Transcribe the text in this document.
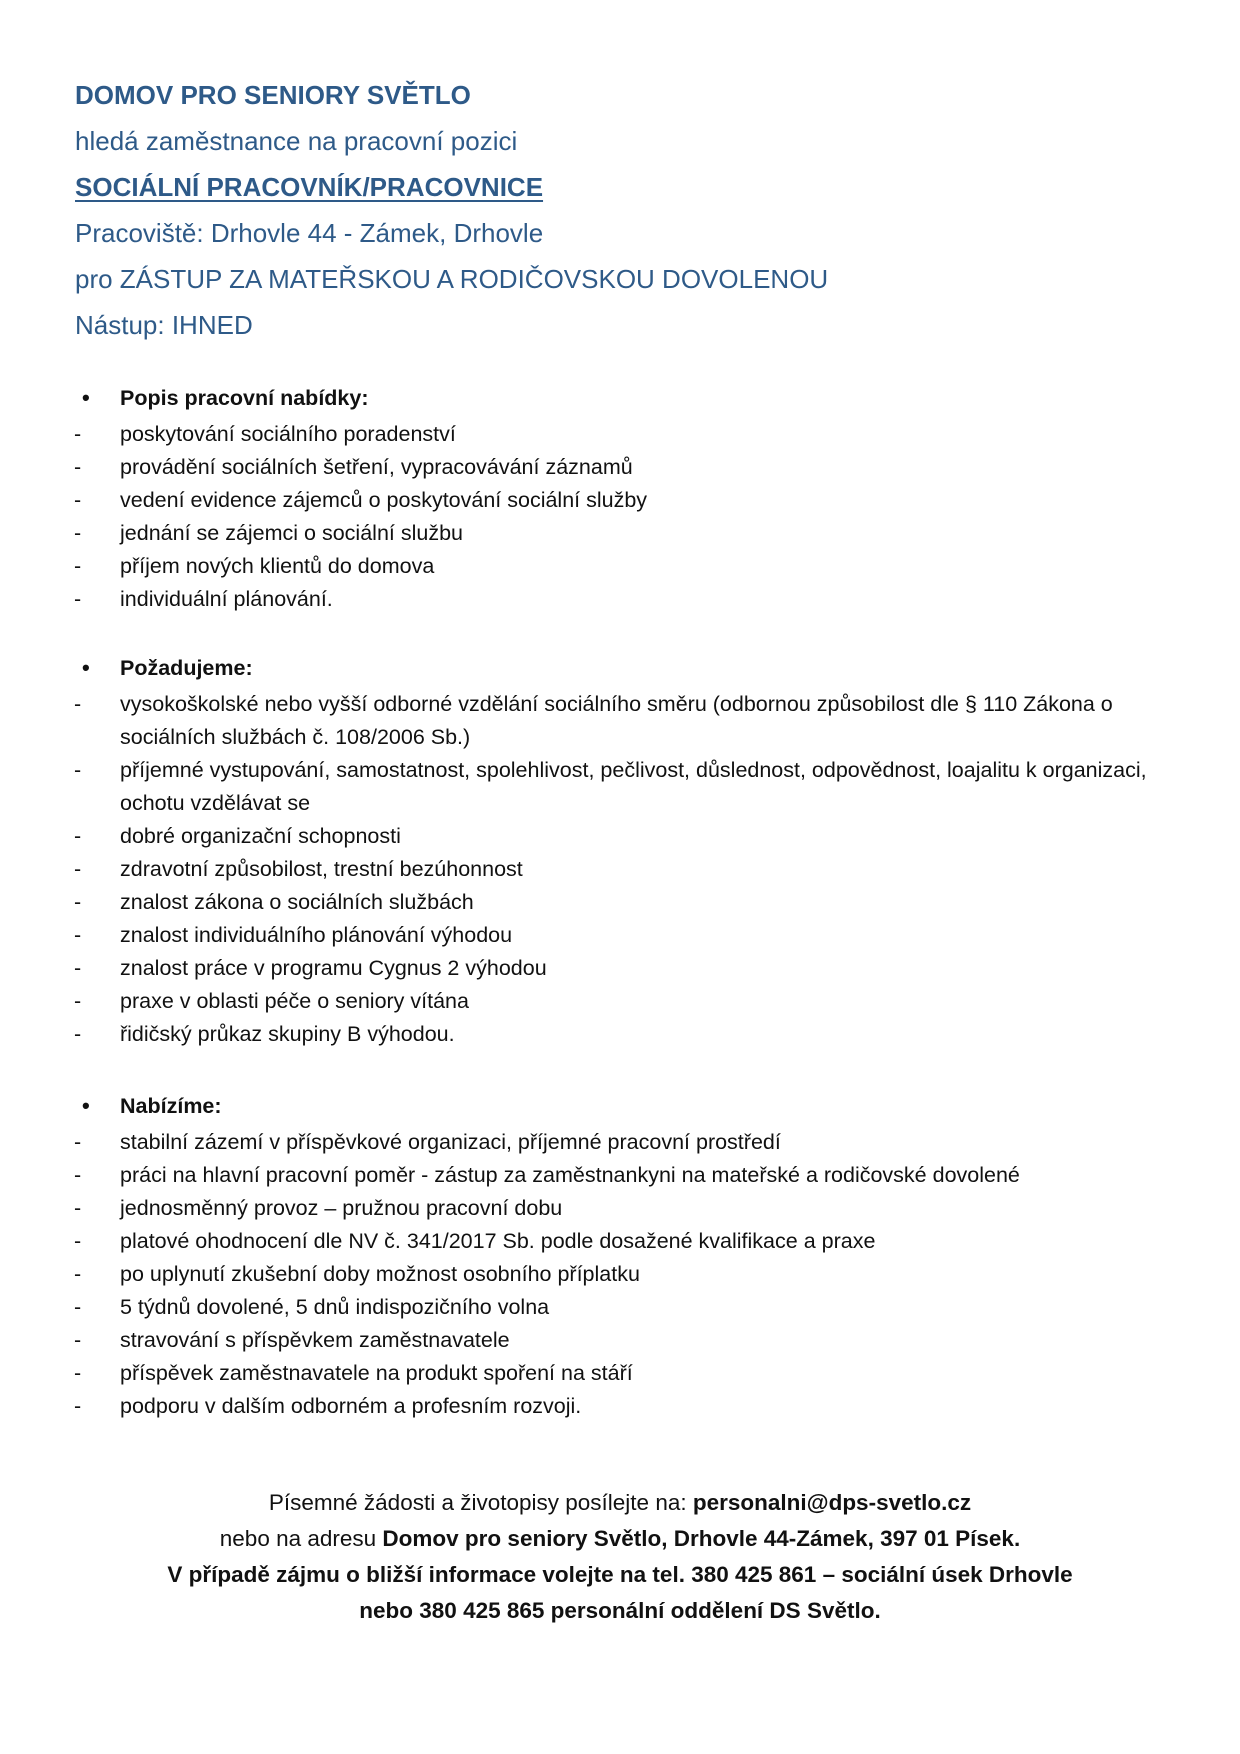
DOMOV PRO SENIORY SVĚTLO
hledá zaměstnance na pracovní pozici
SOCIÁLNÍ PRACOVNÍK/PRACOVNICE
Pracoviště: Drhovle 44 - Zámek, Drhovle
pro ZÁSTUP ZA MATEŘSKOU A RODIČOVSKOU DOVOLENOU
Nástup: IHNED
• Popis pracovní nabídky:
- poskytování sociálního poradenství
- provádění sociálních šetření, vypracovávání záznamů
- vedení evidence zájemců o poskytování sociální služby
- jednání se zájemci o sociální službu
- příjem nových klientů do domova
- individuální plánování.
• Požadujeme:
- vysokoškolské nebo vyšší odborné vzdělání sociálního směru (odbornou způsobilost dle § 110 Zákona o sociálních službách č. 108/2006 Sb.)
- příjemné vystupování, samostatnost, spolehlivost, pečlivost, důslednost, odpovědnost, loajalitu k organizaci, ochotu vzdělávat se
- dobré organizační schopnosti
- zdravotní způsobilost, trestní bezúhonnost
- znalost zákona o sociálních službách
- znalost individuálního plánování výhodou
- znalost práce v programu Cygnus 2 výhodou
- praxe v oblasti péče o seniory vítána
- řidičský průkaz skupiny B výhodou.
• Nabízíme:
- stabilní zázemí v příspěvkové organizaci, příjemné pracovní prostředí
- práci na hlavní pracovní poměr - zástup za zaměstnankyni na mateřské a rodičovské dovolené
- jednosměnný provoz – pružnou pracovní dobu
- platové ohodnocení dle NV č. 341/2017 Sb. podle dosažené kvalifikace a praxe
- po uplynutí zkušební doby možnost osobního příplatku
- 5 týdnů dovolené, 5 dnů indispozičního volna
- stravování s příspěvkem zaměstnavatele
- příspěvek zaměstnavatele na produkt spoření na stáří
- podporu v dalším odborném a profesním rozvoji.
Písemné žádosti a životopisy posílejte na: personalni@dps-svetlo.cz
nebo na adresu Domov pro seniory Světlo, Drhovle 44-Zámek, 397 01 Písek.
V případě zájmu o bližší informace volejte na tel. 380 425 861 – sociální úsek Drhovle
nebo 380 425 865 personální oddělení DS Světlo.
